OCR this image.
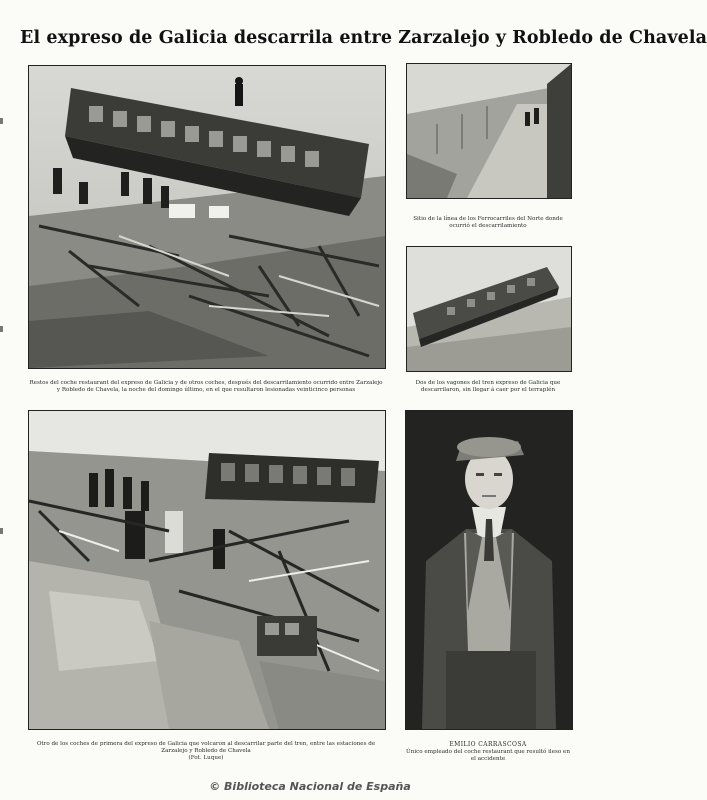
El expreso de Galicia descarrila entre Zarzalejo y Robledo de Chavela
Restos del coche restaurant del expreso de Galicia y de otros coches, después del descarrilamiento ocurrido entre Zarzalejo y Robledo de Chavela, la noche del domingo último, en el que resultaron lesionadas veinticinco personas
Sitio de la línea de los Ferrocarriles del Norte donde ocurrió el descarrilamiento
Dos de los vagones del tren expreso de Galicia que descarrilaron, sin llegar á caer por el terraplén
Otro de los coches de primera del expreso de Galicia que volcaron al descarrilar parte del tren, entre las estaciones de Zarzalejo y Robledo de Chavela
(Fot. Luque)
EMILIO CARRASCOSA
Único empleado del coche restaurant que resultó ileso en el accidente
© Biblioteca Nacional de España
